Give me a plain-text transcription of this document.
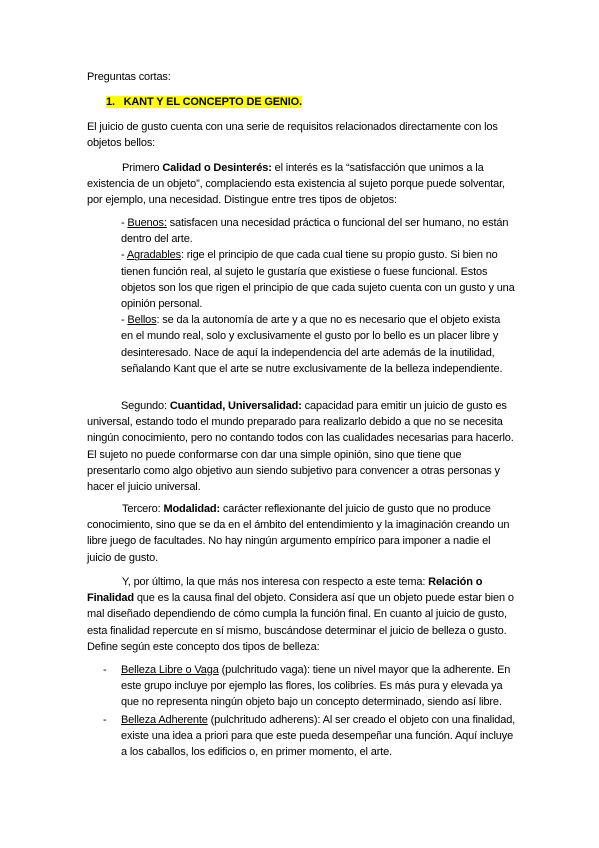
Preguntas cortas:

1. KANT Y EL CONCEPTO DE GENIO.

El juicio de gusto cuenta con una serie de requisitos relacionados directamente con los objetos bellos:

Primero Calidad o Desinterés: el interés es la “satisfacción que unimos a la existencia de un objeto”, complaciendo esta existencia al sujeto porque puede solventar, por ejemplo, una necesidad. Distingue entre tres tipos de objetos:

- Buenos: satisfacen una necesidad práctica o funcional del ser humano, no están dentro del arte.

- Agradables: rige el principio de que cada cual tiene su propio gusto. Si bien no tienen función real, al sujeto le gustaría que existiese o fuese funcional. Estos objetos son los que rigen el principio de que cada sujeto cuenta con un gusto y una opinión personal.

- Bellos: se da la autonomía de arte y a que no es necesario que el objeto exista en el mundo real, solo y exclusivamente el gusto por lo bello es un placer libre y desinteresado. Nace de aquí la independencia del arte además de la inutilidad, señalando Kant que el arte se nutre exclusivamente de la belleza independiente.

Segundo: Cuantidad, Universalidad: capacidad para emitir un juicio de gusto es universal, estando todo el mundo preparado para realizarlo debido a que no se necesita ningún conocimiento, pero no contando todos con las cualidades necesarias para hacerlo. El sujeto no puede conformarse con dar una simple opinión, sino que tiene que presentarlo como algo objetivo aun siendo subjetivo para convencer a otras personas y hacer el juicio universal.

Tercero: Modalidad: carácter reflexionante del juicio de gusto que no produce conocimiento, sino que se da en el ámbito del entendimiento y la imaginación creando un libre juego de facultades. No hay ningún argumento empírico para imponer a nadie el juicio de gusto.

Y, por último, la que más nos interesa con respecto a este tema: Relación o Finalidad que es la causa final del objeto. Considera así que un objeto puede estar bien o mal diseñado dependiendo de cómo cumpla la función final. En cuanto al juicio de gusto, esta finalidad repercute en sí mismo, buscándose determinar el juicio de belleza o gusto. Define según este concepto dos tipos de belleza:

- Belleza Libre o Vaga (pulchritudo vaga): tiene un nivel mayor que la adherente. En este grupo incluye por ejemplo las flores, los colibríes. Es más pura y elevada ya que no representa ningún objeto bajo un concepto determinado, siendo así libre.

- Belleza Adherente (pulchritudo adherens): Al ser creado el objeto con una finalidad, existe una idea a priori para que este pueda desempeñar una función. Aquí incluye a los caballos, los edificios o, en primer momento, el arte.
